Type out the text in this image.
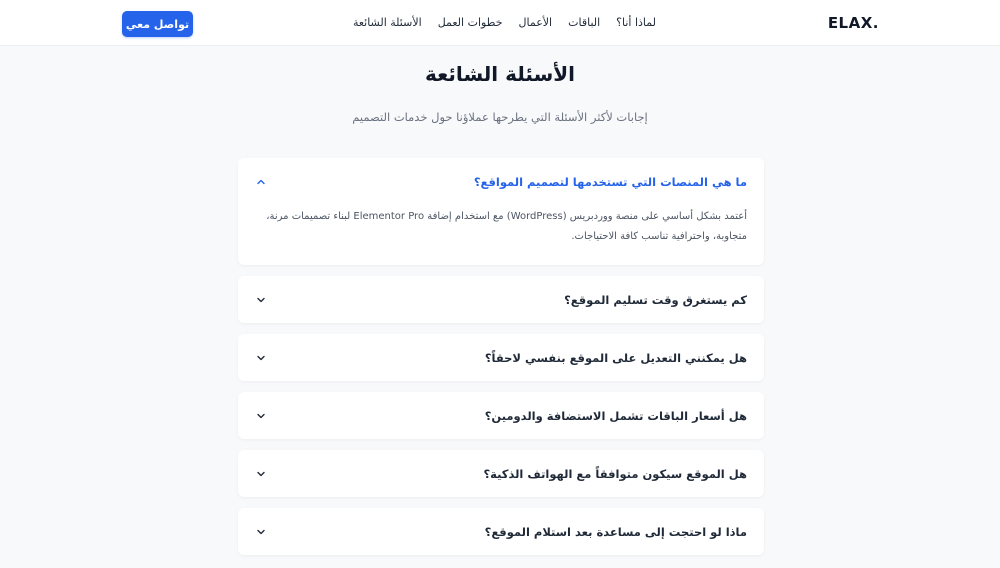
ELAX.
لماذا أنا؟
الباقات
الأعمال
خطوات العمل
الأسئلة الشائعة
تواصل معي
الأسئلة الشائعة

إجابات لأكثر الأسئلة التي يطرحها عملاؤنا حول خدمات التصميم

ما هي المنصات التي تستخدمها لتصميم المواقع؟
أعتمد بشكل أساسي على منصة ووردبريس (WordPress) مع استخدام إضافة Elementor Pro لبناء تصميمات مرنة، متجاوبة، واحترافية تناسب كافة الاحتياجات.
كم يستغرق وقت تسليم الموقع؟
هل يمكنني التعديل على الموقع بنفسي لاحقاً؟
هل أسعار الباقات تشمل الاستضافة والدومين؟
هل الموقع سيكون متوافقاً مع الهواتف الذكية؟
ماذا لو احتجت إلى مساعدة بعد استلام الموقع؟
